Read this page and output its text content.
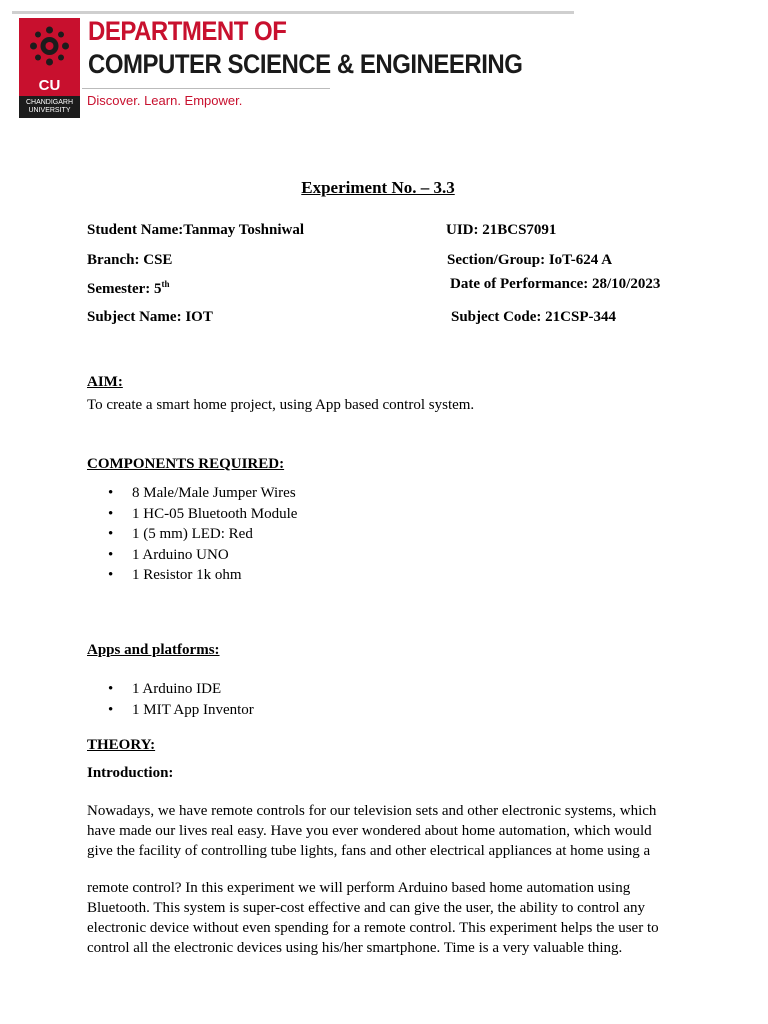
CU
CHANDIGARH UNIVERSITY
DEPARTMENT OF
COMPUTER SCIENCE & ENGINEERING
Discover. Learn. Empower.
Experiment No. – 3.3
Student Name:Tanmay Toshniwal	UID: 21BCS7091
Branch: CSE	Section/Group: IoT-624 A
Semester: 5th	Date of Performance: 28/10/2023
Subject Name: IOT	Subject Code: 21CSP-344
AIM:
To create a smart home project, using App based control system.
COMPONENTS REQUIRED:
• 8 Male/Male Jumper Wires
• 1 HC-05 Bluetooth Module
• 1 (5 mm) LED: Red
• 1 Arduino UNO
• 1 Resistor 1k ohm
Apps and platforms:
• 1 Arduino IDE
• 1 MIT App Inventor
THEORY:
Introduction:
Nowadays, we have remote controls for our television sets and other electronic systems, which
have made our lives real easy. Have you ever wondered about home automation, which would
give the facility of controlling tube lights, fans and other electrical appliances at home using a
remote control? In this experiment we will perform Arduino based home automation using
Bluetooth. This system is super-cost effective and can give the user, the ability to control any
electronic device without even spending for a remote control. This experiment helps the user to
control all the electronic devices using his/her smartphone. Time is a very valuable thing.
